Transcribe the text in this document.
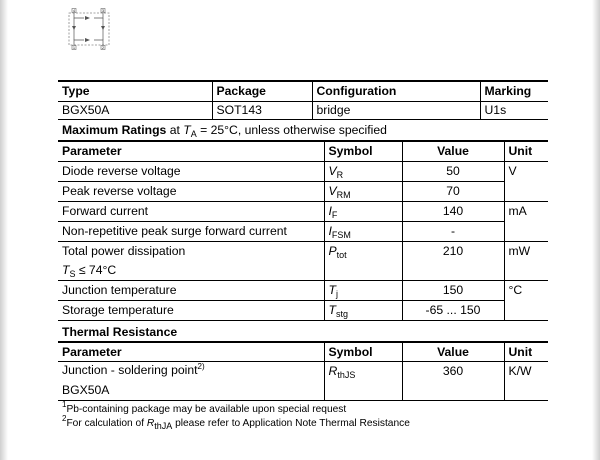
4	3
1	2
Type	Package	Configuration	Marking
BGX50A	SOT143	bridge	U1s
Maximum Ratings at $T_A = 25^\circ C$, unless otherwise specified
Parameter	Symbol	Value	Unit
Diode reverse voltage	$V_R$	50	V
Peak reverse voltage	$V_{RM}$	70	
Forward current	$I_F$	140	mA
Non-repetitive peak surge forward current	$I_{FSM}$	-	
Total power dissipation	$P_{tot}$	210	mW
$T_S \le 74^\circ C$			
Junction temperature	$T_j$	150	°C
Storage temperature	$T_{stg}$	-65 ... 150	
Thermal Resistance
Parameter	Symbol	Value	Unit
Junction - soldering point$^{2)}$	$R_{thJS}$	360	K/W
BGX50A			
$^1$Pb-containing package may be available upon special request
$^2$For calculation of RthJA please refer to Application Note Thermal Resistance
